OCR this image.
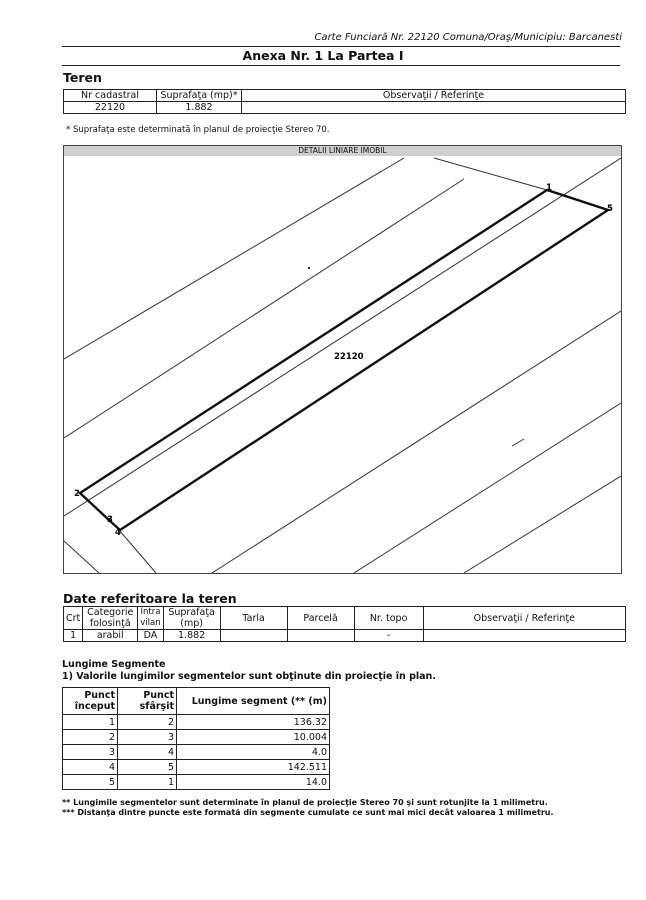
Carte Funciară Nr. 22120 Comuna/Oraş/Municipiu: Barcanesti
Anexa Nr. 1 La Partea I
Teren
Nr cadastral	Suprafaţa (mp)*	Observaţii / Referinţe
22120	1.882	
* Suprafaţa este determinată în planul de proiecţie Stereo 70.
DETALII LINIARE IMOBIL
22120
1
2
3
4
5
Date referitoare la teren
Crt	Categorie folosinţă	Intra vilan	Suprafaţa (mp)	Tarla	Parcelă	Nr. topo	Observaţii / Referinţe
1	arabil	DA	1.882			-	
Lungime Segmente
1) Valorile lungimilor segmentelor sunt obţinute din proiecţie în plan.
Punct început	Punct sfârşit	Lungime segment (** (m)
1	2	136.32
2	3	10.004
3	4	4.0
4	5	142.511
5	1	14.0
** Lungimile segmentelor sunt determinate în planul de proiecţie Stereo 70 şi sunt rotunjite la 1 milimetru.
*** Distanţa dintre puncte este formată din segmente cumulate ce sunt mai mici decât valoarea 1 milimetru.
